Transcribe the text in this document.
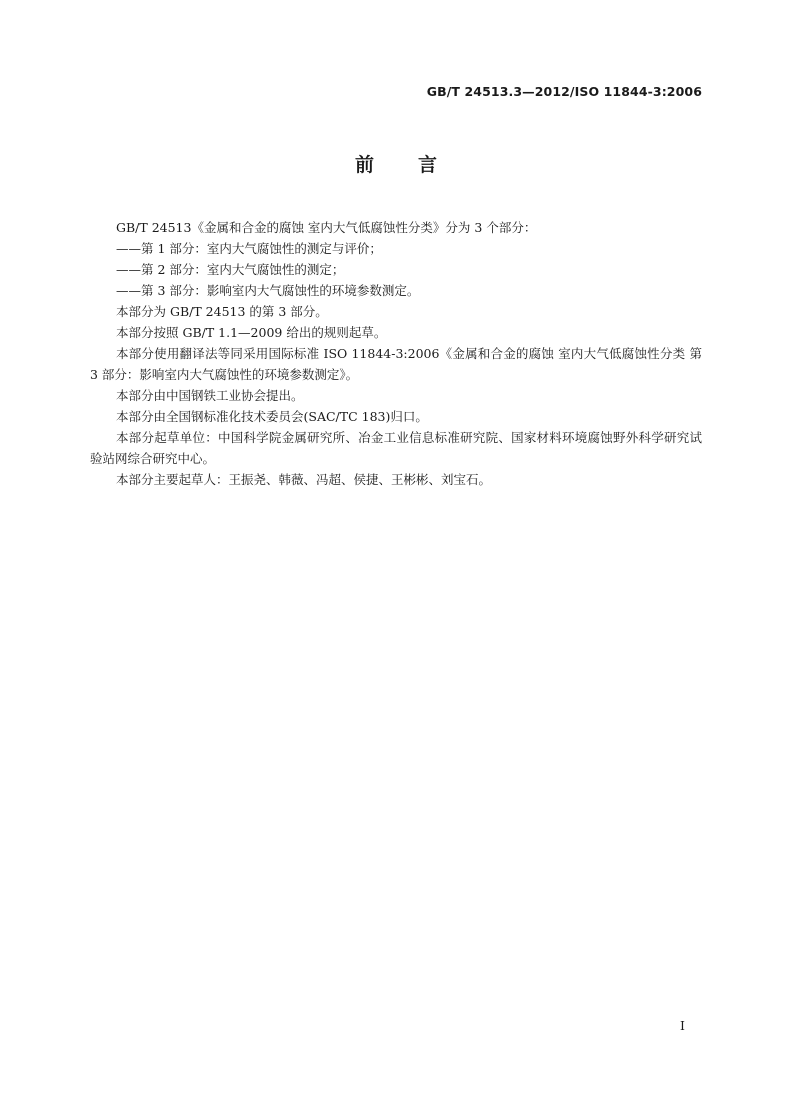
GB/T 24513.3—2012/ISO 11844-3:2006
前言

GB/T 24513《金属和合金的腐蚀 室内大气低腐蚀性分类》分为 3 个部分：

——第 1 部分：室内大气腐蚀性的测定与评价；

——第 2 部分：室内大气腐蚀性的测定；

——第 3 部分：影响室内大气腐蚀性的环境参数测定。

本部分为 GB/T 24513 的第 3 部分。

本部分按照 GB/T 1.1—2009 给出的规则起草。

本部分使用翻译法等同采用国际标准 ISO 11844-3:2006《金属和合金的腐蚀 室内大气低腐蚀性分类 第 3 部分：影响室内大气腐蚀性的环境参数测定》。

本部分由中国钢铁工业协会提出。

本部分由全国钢标准化技术委员会(SAC/TC 183)归口。

本部分起草单位：中国科学院金属研究所、冶金工业信息标准研究院、国家材料环境腐蚀野外科学研究试验站网综合研究中心。

本部分主要起草人：王振尧、韩薇、冯超、侯捷、王彬彬、刘宝石。

I
